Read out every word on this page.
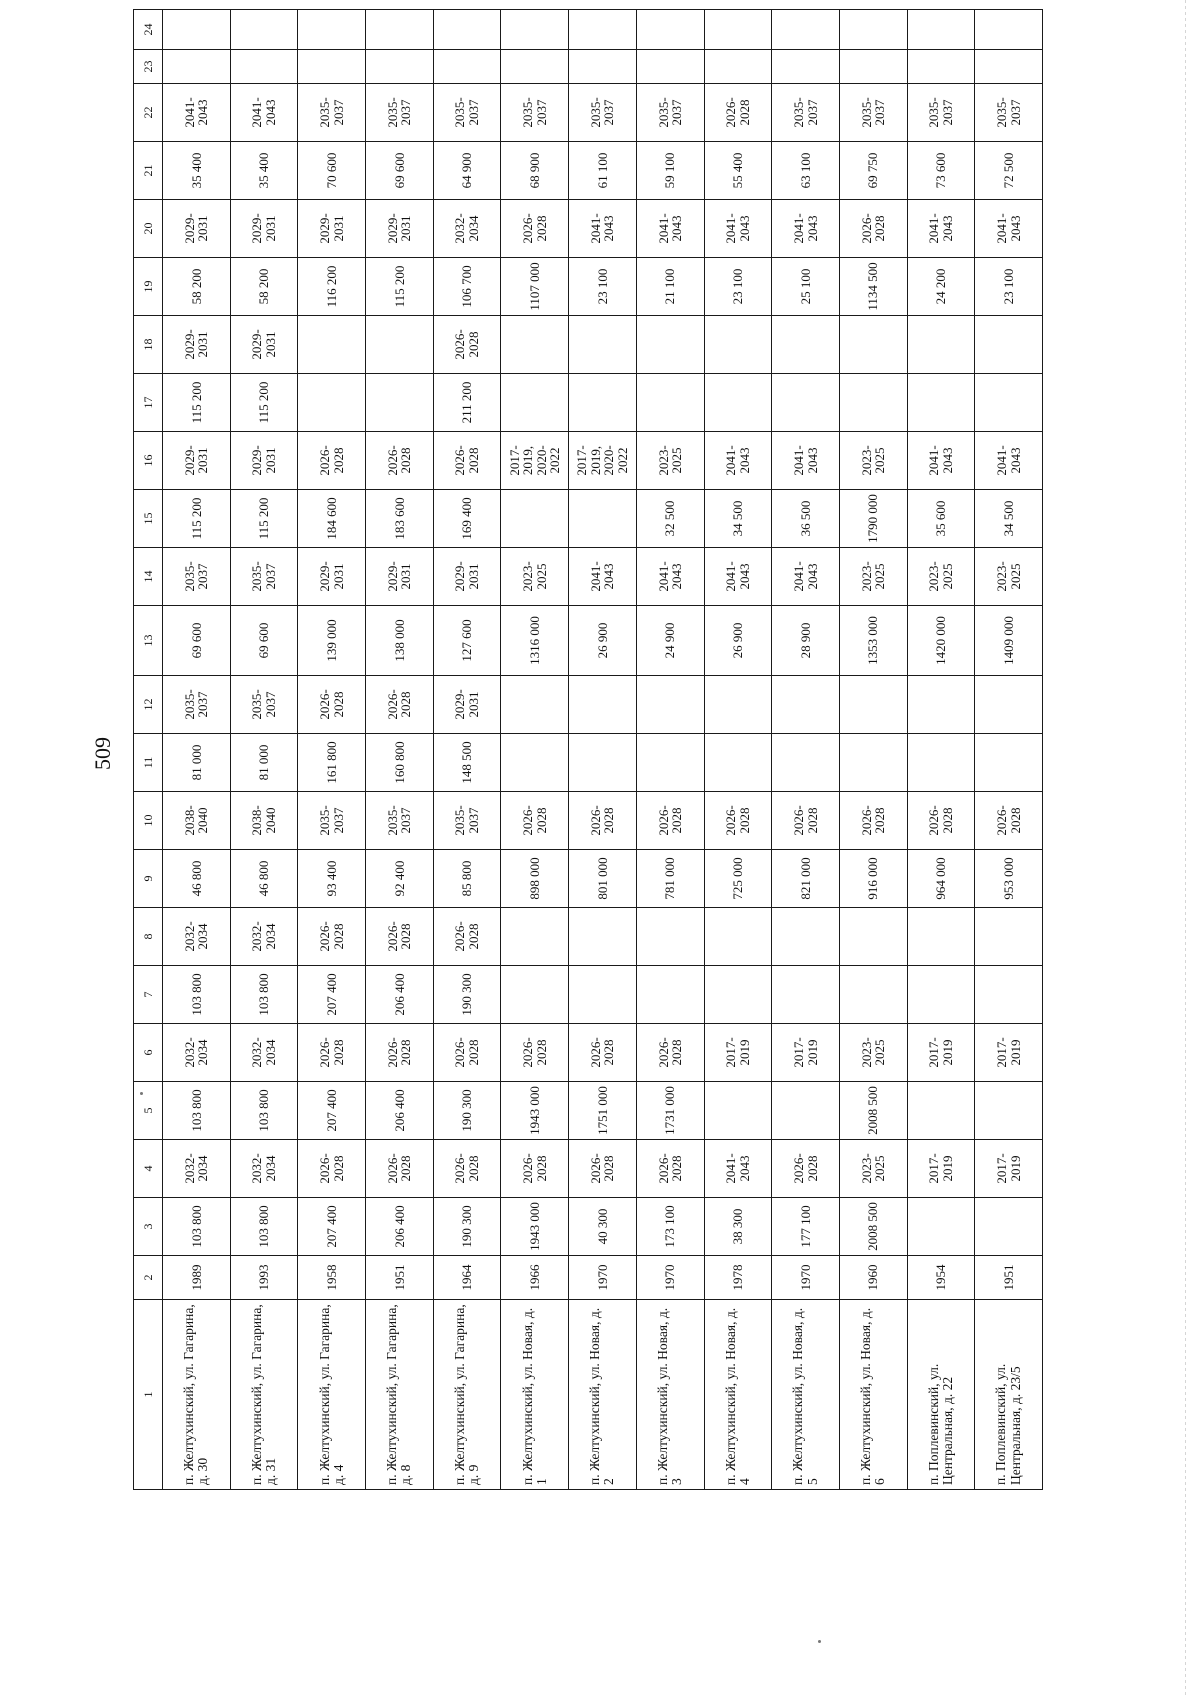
509
1	2	3	4	5	6	7	8	9	10	11	12	13	14	15	16	17	18	19	20	21	22	23	24
п. Желтухинский, ул. Гагарина, д. 30	1989	103 800	2032-2034	103 800	2032-2034	103 800	2032-2034	46 800	2038-2040	81 000	2035-2037	69 600	2035-2037	115 200	2029-2031	115 200	2029-2031	58 200	2029-2031	35 400	2041-2043		
п. Желтухинский, ул. Гагарина, д. 31	1993	103 800	2032-2034	103 800	2032-2034	103 800	2032-2034	46 800	2038-2040	81 000	2035-2037	69 600	2035-2037	115 200	2029-2031	115 200	2029-2031	58 200	2029-2031	35 400	2041-2043		
п. Желтухинский, ул. Гагарина, д. 4	1958	207 400	2026-2028	207 400	2026-2028	207 400	2026-2028	93 400	2035-2037	161 800	2026-2028	139 000	2029-2031	184 600	2026-2028			116 200	2029-2031	70 600	2035-2037		
п. Желтухинский, ул. Гагарина, д. 8	1951	206 400	2026-2028	206 400	2026-2028	206 400	2026-2028	92 400	2035-2037	160 800	2026-2028	138 000	2029-2031	183 600	2026-2028			115 200	2029-2031	69 600	2035-2037		
п. Желтухинский, ул. Гагарина, д. 9	1964	190 300	2026-2028	190 300	2026-2028	190 300	2026-2028	85 800	2035-2037	148 500	2029-2031	127 600	2029-2031	169 400	2026-2028	211 200	2026-2028	106 700	2032-2034	64 900	2035-2037		
п. Желтухинский, ул. Новая, д. 1	1966	1943 000	2026-2028	1943 000	2026-2028			898 000	2026-2028			1316 000	2023-2025		2017-2019, 2020-2022			1107 000	2026-2028	68 900	2035-2037		
п. Желтухинский, ул. Новая, д. 2	1970	40 300	2026-2028	1751 000	2026-2028			801 000	2026-2028			26 900	2041-2043		2017-2019, 2020-2022			23 100	2041-2043	61 100	2035-2037		
п. Желтухинский, ул. Новая, д. 3	1970	173 100	2026-2028	1731 000	2026-2028			781 000	2026-2028			24 900	2041-2043	32 500	2023-2025			21 100	2041-2043	59 100	2035-2037		
п. Желтухинский, ул. Новая, д. 4	1978	38 300	2041-2043		2017-2019			725 000	2026-2028			26 900	2041-2043	34 500	2041-2043			23 100	2041-2043	55 400	2026-2028		
п. Желтухинский, ул. Новая, д. 5	1970	177 100	2026-2028		2017-2019			821 000	2026-2028			28 900	2041-2043	36 500	2041-2043			25 100	2041-2043	63 100	2035-2037		
п. Желтухинский, ул. Новая, д. 6	1960	2008 500	2023-2025	2008 500	2023-2025			916 000	2026-2028			1353 000	2023-2025	1790 000	2023-2025			1134 500	2026-2028	69 750	2035-2037		
п. Поплевинский, ул. Центральная, д. 22	1954		2017-2019		2017-2019			964 000	2026-2028			1420 000	2023-2025	35 600	2041-2043			24 200	2041-2043	73 600	2035-2037		
п. Поплевинский, ул. Центральная, д. 23/5	1951		2017-2019		2017-2019			953 000	2026-2028			1409 000	2023-2025	34 500	2041-2043			23 100	2041-2043	72 500	2035-2037		
